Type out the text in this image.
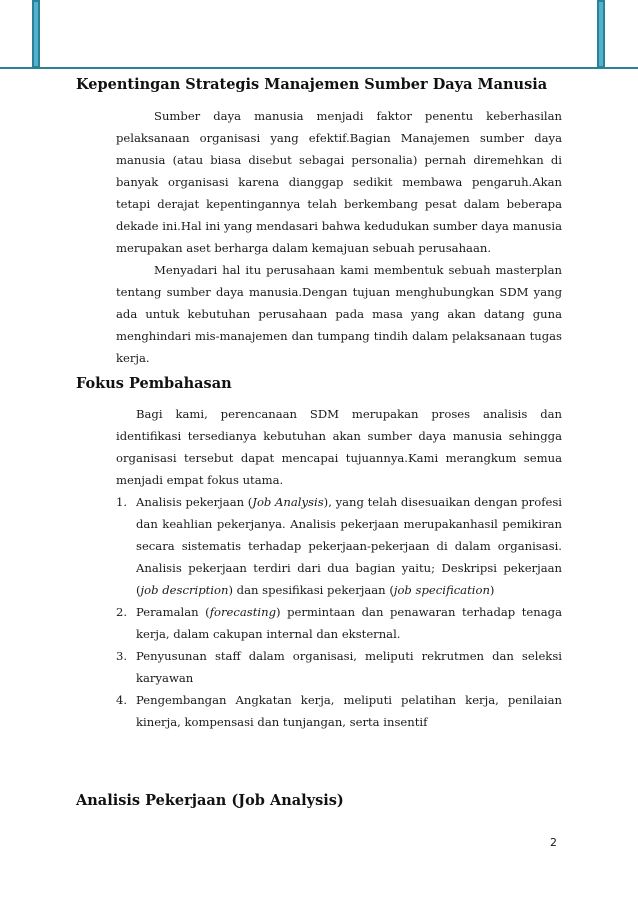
Kepentingan Strategis Manajemen Sumber Daya Manusia

Sumber daya manusia menjadi faktor penentu keberhasilan pelaksanaan organisasi yang efektif.Bagian Manajemen sumber daya manusia (atau biasa disebut sebagai personalia) pernah diremehkan di banyak organisasi karena dianggap sedikit membawa pengaruh.Akan tetapi derajat kepentingannya telah berkembang pesat dalam beberapa dekade ini.Hal ini yang mendasari bahwa kedudukan sumber daya manusia merupakan aset berharga dalam kemajuan sebuah perusahaan.

Menyadari hal itu perusahaan kami membentuk sebuah masterplan tentang sumber daya manusia.Dengan tujuan menghubungkan SDM yang ada untuk kebutuhan perusahaan pada masa yang akan datang guna menghindari mis-manajemen dan tumpang tindih dalam pelaksanaan tugas kerja.

Fokus Pembahasan

Bagi kami, perencanaan SDM merupakan proses analisis dan identifikasi tersedianya kebutuhan akan sumber daya manusia sehingga organisasi tersebut dapat mencapai tujuannya.Kami merangkum semua menjadi empat fokus utama.

1. Analisis pekerjaan (Job Analysis), yang telah disesuaikan dengan profesi dan keahlian pekerjanya. Analisis pekerjaan merupakanhasil pemikiran secara sistematis terhadap pekerjaan-pekerjaan di dalam organisasi. Analisis pekerjaan terdiri dari dua bagian yaitu; Deskripsi pekerjaan (job description) dan spesifikasi pekerjaan (job specification)
2. Peramalan (forecasting) permintaan dan penawaran terhadap tenaga kerja, dalam cakupan internal dan eksternal.
3. Penyusunan staff dalam organisasi, meliputi rekrutmen dan seleksi karyawan
4. Pengembangan Angkatan kerja, meliputi pelatihan kerja, penilaian kinerja, kompensasi dan tunjangan, serta insentif
Analisis Pekerjaan (Job Analysis)
2
